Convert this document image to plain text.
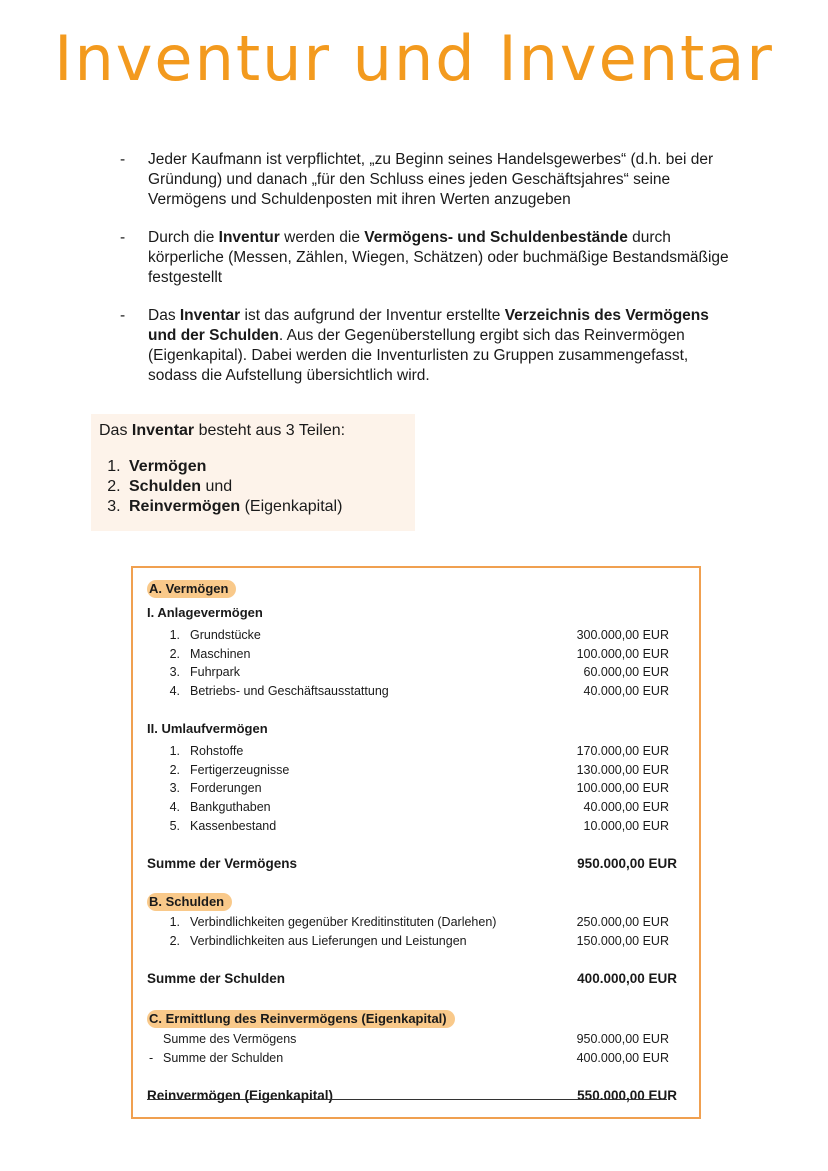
Inventur und Inventar
- Jeder Kaufmann ist verpflichtet, „zu Beginn seines Handelsgewerbes“ (d.h. bei der Gründung) und danach „für den Schluss eines jeden Geschäftsjahres“ seine Vermögens und Schuldenposten mit ihren Werten anzugeben
- Durch die Inventur werden die Vermögens- und Schuldenbestände durch körperliche (Messen, Zählen, Wiegen, Schätzen) oder buchmäßige Bestandsmäßige festgestellt
- Das Inventar ist das aufgrund der Inventur erstellte Verzeichnis des Vermögens und der Schulden. Aus der Gegenüberstellung ergibt sich das Reinvermögen (Eigenkapital). Dabei werden die Inventurlisten zu Gruppen zusammengefasst, sodass die Aufstellung übersichtlich wird.
Das Inventar besteht aus 3 Teilen:
1. Vermögen
2. Schulden und
3. Reinvermögen (Eigenkapital)
A. Vermögen
I. Anlagevermögen
1. Grundstücke	300.000,00 EUR
2. Maschinen	100.000,00 EUR
3. Fuhrpark	60.000,00 EUR
4. Betriebs- und Geschäftsausstattung	40.000,00 EUR
II. Umlaufvermögen
1. Rohstoffe	170.000,00 EUR
2. Fertigerzeugnisse	130.000,00 EUR
3. Forderungen	100.000,00 EUR
4. Bankguthaben	40.000,00 EUR
5. Kassenbestand	10.000,00 EUR
Summe der Vermögens	950.000,00 EUR
B. Schulden
1. Verbindlichkeiten gegenüber Kreditinstituten (Darlehen)	250.000,00 EUR
2. Verbindlichkeiten aus Lieferungen und Leistungen	150.000,00 EUR
Summe der Schulden	400.000,00 EUR
C. Ermittlung des Reinvermögens (Eigenkapital)
Summe des Vermögens	950.000,00 EUR
- Summe der Schulden	400.000,00 EUR
Reinvermögen (Eigenkapital)	550.000,00 EUR
